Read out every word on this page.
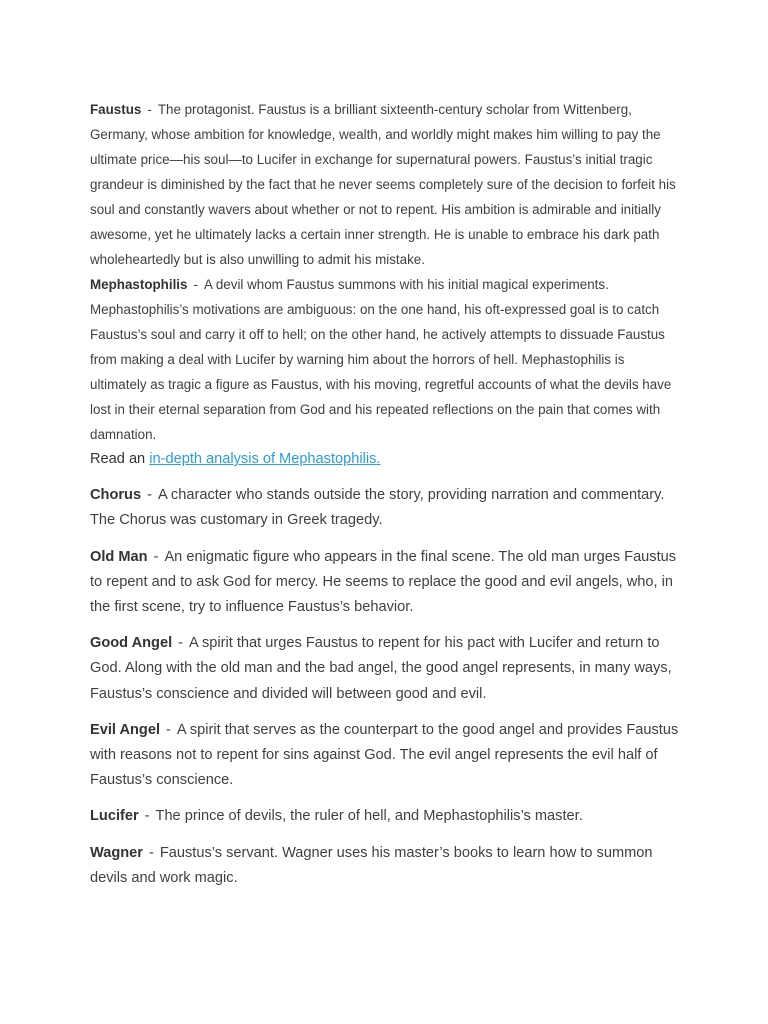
Faustus - The protagonist. Faustus is a brilliant sixteenth-century scholar from Wittenberg, Germany, whose ambition for knowledge, wealth, and worldly might makes him willing to pay the ultimate price—his soul—to Lucifer in exchange for supernatural powers. Faustus’s initial tragic grandeur is diminished by the fact that he never seems completely sure of the decision to forfeit his soul and constantly wavers about whether or not to repent. His ambition is admirable and initially awesome, yet he ultimately lacks a certain inner strength. He is unable to embrace his dark path wholeheartedly but is also unwilling to admit his mistake.

Mephastophilis - A devil whom Faustus summons with his initial magical experiments. Mephastophilis’s motivations are ambiguous: on the one hand, his oft-expressed goal is to catch Faustus’s soul and carry it off to hell; on the other hand, he actively attempts to dissuade Faustus from making a deal with Lucifer by warning him about the horrors of hell. Mephastophilis is ultimately as tragic a figure as Faustus, with his moving, regretful accounts of what the devils have lost in their eternal separation from God and his repeated reflections on the pain that comes with damnation.

Read an in-depth analysis of Mephastophilis.

Chorus - A character who stands outside the story, providing narration and commentary. The Chorus was customary in Greek tragedy.

Old Man - An enigmatic figure who appears in the final scene. The old man urges Faustus to repent and to ask God for mercy. He seems to replace the good and evil angels, who, in the first scene, try to influence Faustus’s behavior.

Good Angel - A spirit that urges Faustus to repent for his pact with Lucifer and return to God. Along with the old man and the bad angel, the good angel represents, in many ways, Faustus’s conscience and divided will between good and evil.

Evil Angel - A spirit that serves as the counterpart to the good angel and provides Faustus with reasons not to repent for sins against God. The evil angel represents the evil half of Faustus’s conscience.

Lucifer - The prince of devils, the ruler of hell, and Mephastophilis’s master.

Wagner - Faustus’s servant. Wagner uses his master’s books to learn how to summon devils and work magic.
